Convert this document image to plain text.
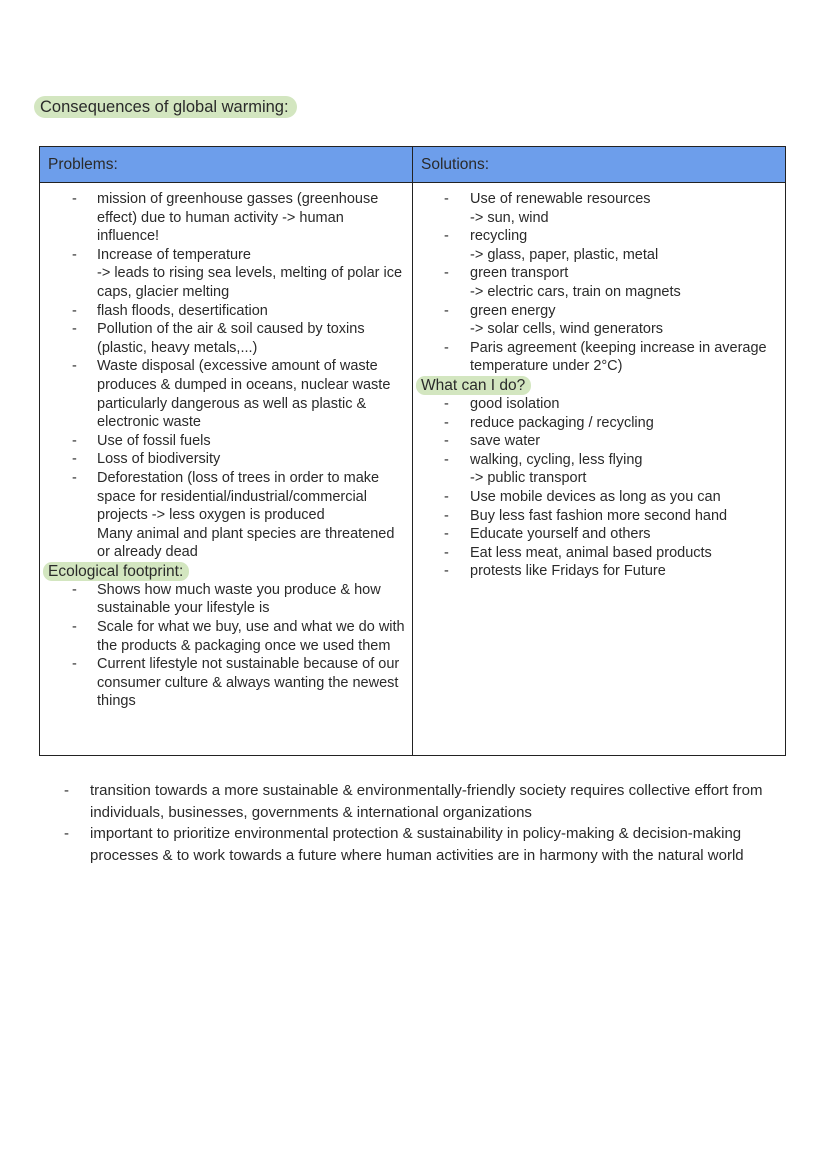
Consequences of global warming:
Problems:	Solutions:
- mission of greenhouse gasses (greenhouse effect) due to human activity -> human influence!
- Increase of temperature
-> leads to rising sea levels, melting of polar ice caps, glacier melting
- flash floods, desertification
- Pollution of the air & soil caused by toxins (plastic, heavy metals,...)
- Waste disposal (excessive amount of waste produces & dumped in oceans, nuclear waste particularly dangerous as well as plastic & electronic waste
- Use of fossil fuels
- Loss of biodiversity
- Deforestation (loss of trees in order to make space for residential/industrial/commercial projects -> less oxygen is produced
Many animal and plant species are threatened or already dead
Ecological footprint:
- Shows how much waste you produce & how sustainable your lifestyle is
- Scale for what we buy, use and what we do with the products & packaging once we used them
- Current lifestyle not sustainable because of our consumer culture & always wanting the newest things
- Use of renewable resources
-> sun, wind
- recycling
-> glass, paper, plastic, metal
- green transport
-> electric cars, train on magnets
- green energy
-> solar cells, wind generators
- Paris agreement (keeping increase in average temperature under 2°C)
What can I do?
- good isolation
- reduce packaging / recycling
- save water
- walking, cycling, less flying
-> public transport
- Use mobile devices as long as you can
- Buy less fast fashion more second hand
- Educate yourself and others
- Eat less meat, animal based products
- protests like Fridays for Future
- transition towards a more sustainable & environmentally-friendly society requires collective effort from individuals, businesses, governments & international organizations
- important to prioritize environmental protection & sustainability in policy-making & decision-making processes & to work towards a future where human activities are in harmony with the natural world
